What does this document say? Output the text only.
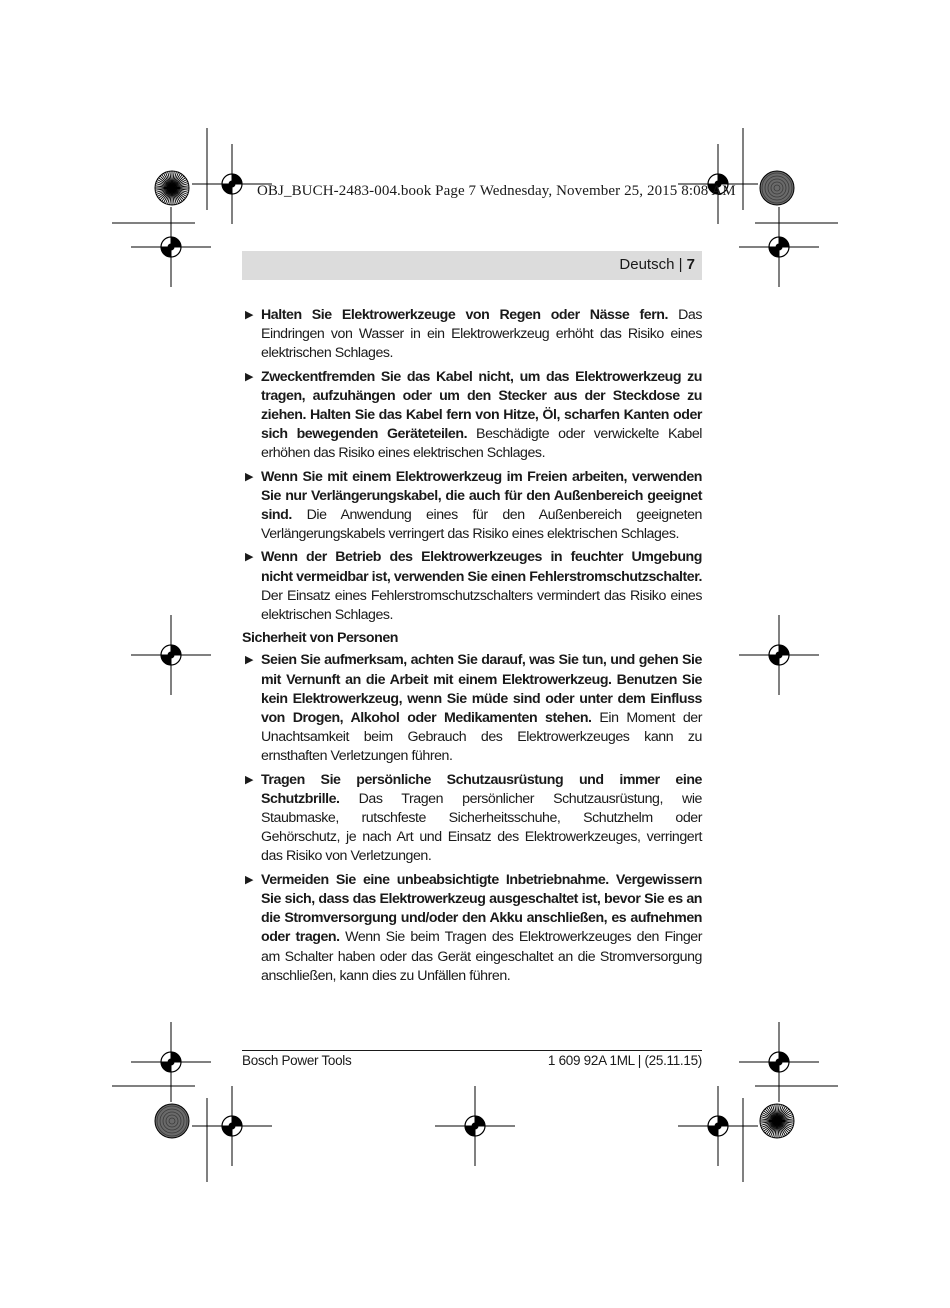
OBJ_BUCH-2483-004.book Page 7 Wednesday, November 25, 2015 8:08 AM
Deutsch | 7
▶ Halten Sie Elektrowerkzeuge von Regen oder Nässe fern. Das Eindringen von Wasser in ein Elektrowerkzeug erhöht das Risiko eines elektrischen Schlages.
▶ Zweckentfremden Sie das Kabel nicht, um das Elektrowerkzeug zu tragen, aufzuhängen oder um den Stecker aus der Steckdose zu ziehen. Halten Sie das Kabel fern von Hitze, Öl, scharfen Kanten oder sich bewegenden Geräteteilen. Beschädigte oder verwickelte Kabel erhöhen das Risiko eines elektrischen Schlages.
▶ Wenn Sie mit einem Elektrowerkzeug im Freien arbeiten, verwenden Sie nur Verlängerungskabel, die auch für den Außenbereich geeignet sind. Die Anwendung eines für den Außenbereich geeigneten Verlängerungskabels verringert das Risiko eines elektrischen Schlages.
▶ Wenn der Betrieb des Elektrowerkzeuges in feuchter Umgebung nicht vermeidbar ist, verwenden Sie einen Fehlerstromschutzschalter. Der Einsatz eines Fehlerstromschutzschalters vermindert das Risiko eines elektrischen Schlages.
Sicherheit von Personen
▶ Seien Sie aufmerksam, achten Sie darauf, was Sie tun, und gehen Sie mit Vernunft an die Arbeit mit einem Elektrowerkzeug. Benutzen Sie kein Elektrowerkzeug, wenn Sie müde sind oder unter dem Einfluss von Drogen, Alkohol oder Medikamenten stehen. Ein Moment der Unachtsamkeit beim Gebrauch des Elektrowerkzeuges kann zu ernsthaften Verletzungen führen.
▶ Tragen Sie persönliche Schutzausrüstung und immer eine Schutzbrille. Das Tragen persönlicher Schutzausrüstung, wie Staubmaske, rutschfeste Sicherheitsschuhe, Schutzhelm oder Gehörschutz, je nach Art und Einsatz des Elektrowerkzeuges, verringert das Risiko von Verletzungen.
▶ Vermeiden Sie eine unbeabsichtigte Inbetriebnahme. Vergewissern Sie sich, dass das Elektrowerkzeug ausgeschaltet ist, bevor Sie es an die Stromversorgung und/oder den Akku anschließen, es aufnehmen oder tragen. Wenn Sie beim Tragen des Elektrowerkzeuges den Finger am Schalter haben oder das Gerät eingeschaltet an die Stromversorgung anschließen, kann dies zu Unfällen führen.
Bosch Power Tools	1 609 92A 1ML | (25.11.15)
